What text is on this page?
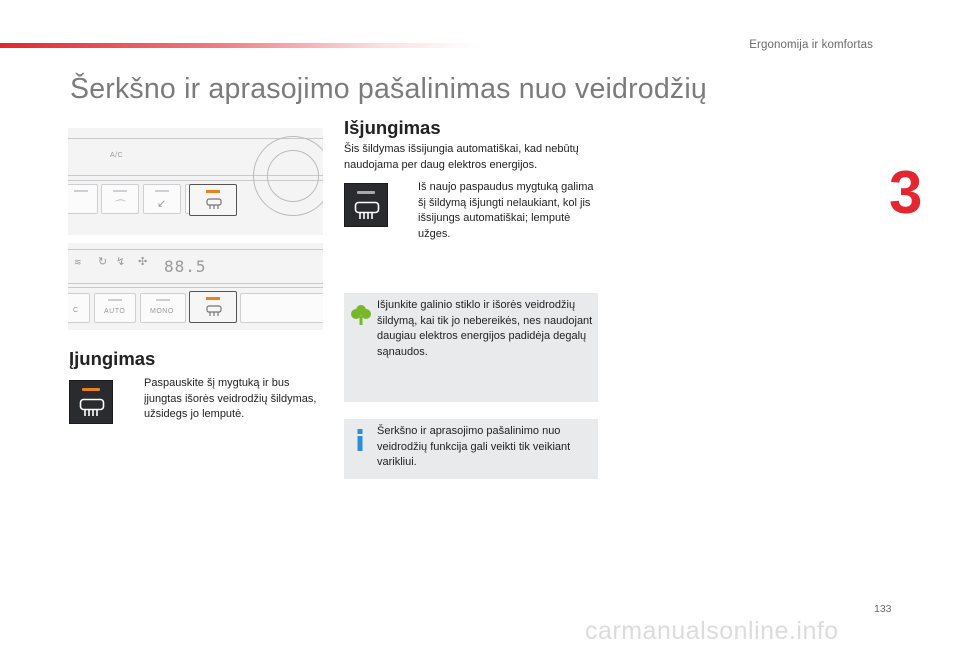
Ergonomija ir komfortas
3
Šerkšno ir aprasojimo pašalinimas nuo veidrodžių
A/C
⌒	↙
≋ ↻ ↯ ✣ 88.5
C	AUTO	MONO
Įjungimas
Paspauskite šį mygtuką ir bus įjungtas išorės veidrodžių šildymas, užsidegs jo lemputė.
Išjungimas
Šis šildymas išsijungia automatiškai, kad nebūtų naudojama per daug elektros energijos.
Iš naujo paspaudus mygtuką galima šį šildymą išjungti nelaukiant, kol jis išsijungs automatiškai; lemputė užges.
Išjunkite galinio stiklo ir išorės veidrodžių šildymą, kai tik jo nebereikės, nes naudojant daugiau elektros energijos padidėja degalų sąnaudos.
Šerkšno ir aprasojimo pašalinimo nuo veidrodžių funkcija gali veikti tik veikiant varikliui.
133
carmanualsonline.info
